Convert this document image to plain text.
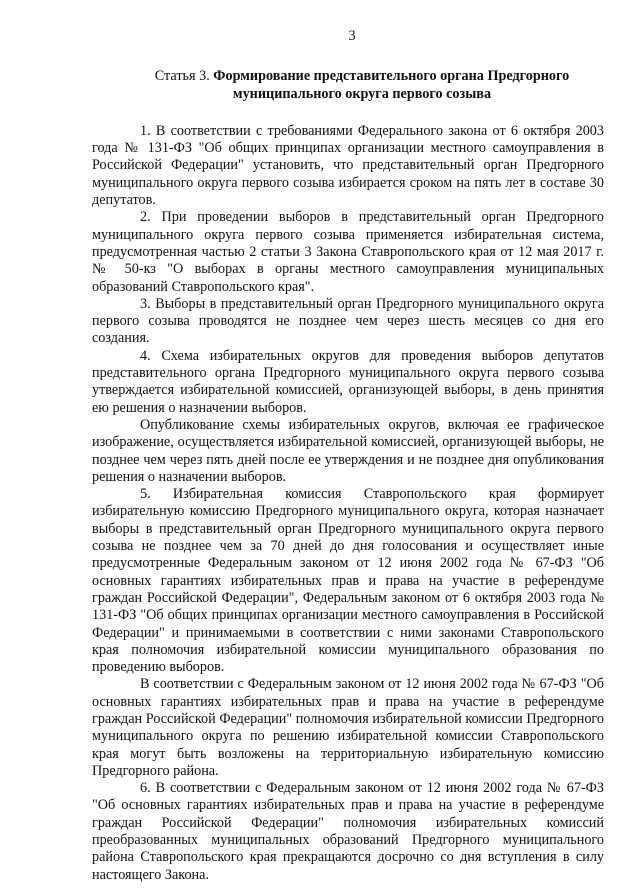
3
Статья 3. Формирование представительного органа Предгорного муниципального округа первого созыва

1. В соответствии с требованиями Федерального закона от 6 октября 2003 года № 131-ФЗ "Об общих принципах организации местного самоуправления в Российской Федерации" установить, что представительный орган Предгорного муниципального округа первого созыва избирается сроком на пять лет в составе 30 депутатов.

2. При проведении выборов в представительный орган Предгорного муниципального округа первого созыва применяется избирательная система, предусмотренная частью 2 статьи 3 Закона Ставропольского края от 12 мая 2017 г. № 50-кз "О выборах в органы местного самоуправления муниципальных образований Ставропольского края".

3. Выборы в представительный орган Предгорного муниципального округа первого созыва проводятся не позднее чем через шесть месяцев со дня его создания.

4. Схема избирательных округов для проведения выборов депутатов представительного органа Предгорного муниципального округа первого созыва утверждается избирательной комиссией, организующей выборы, в день принятия ею решения о назначении выборов.

Опубликование схемы избирательных округов, включая ее графическое изображение, осуществляется избирательной комиссией, организующей выборы, не позднее чем через пять дней после ее утверждения и не позднее дня опубликования решения о назначении выборов.

5. Избирательная комиссия Ставропольского края формирует избирательную комиссию Предгорного муниципального округа, которая назначает выборы в представительный орган Предгорного муниципального округа первого созыва не позднее чем за 70 дней до дня голосования и осуществляет иные предусмотренные Федеральным законом от 12 июня 2002 года № 67-ФЗ "Об основных гарантиях избирательных прав и права на участие в референдуме граждан Российской Федерации", Федеральным законом от 6 октября 2003 года № 131-ФЗ "Об общих принципах организации местного самоуправления в Российской Федерации" и принимаемыми в соответствии с ними законами Ставропольского края полномочия избирательной комиссии муниципального образования по проведению выборов.

В соответствии с Федеральным законом от 12 июня 2002 года № 67-ФЗ "Об основных гарантиях избирательных прав и права на участие в референдуме граждан Российской Федерации" полномочия избирательной комиссии Предгорного муниципального округа по решению избирательной комиссии Ставропольского края могут быть возложены на территориальную избирательную комиссию Предгорного района.

6. В соответствии с Федеральным законом от 12 июня 2002 года № 67-ФЗ "Об основных гарантиях избирательных прав и права на участие в референдуме граждан Российской Федерации" полномочия избирательных комиссий преобразованных муниципальных образований Предгорного муниципального района Ставропольского края прекращаются досрочно со дня вступления в силу настоящего Закона.
